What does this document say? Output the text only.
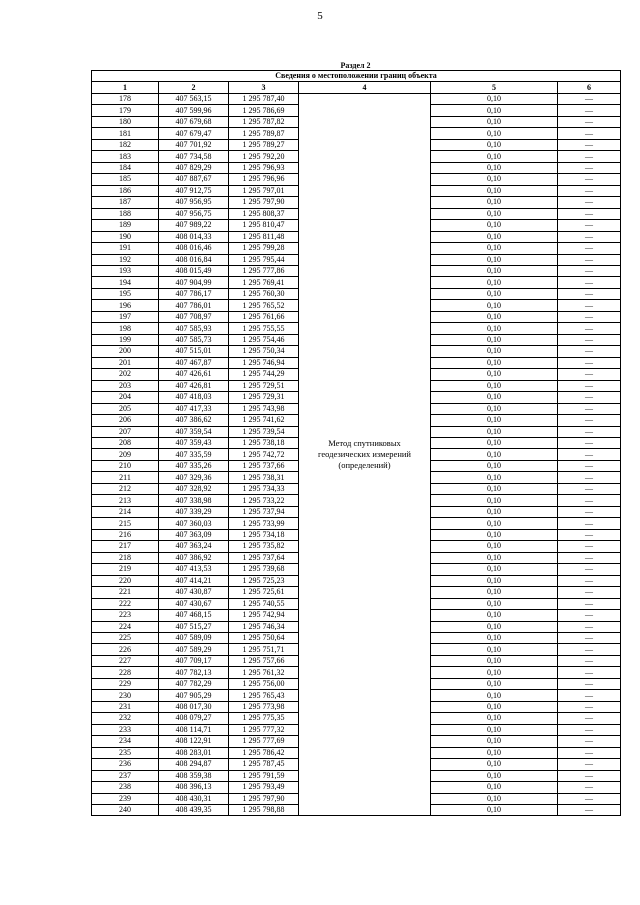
5
Раздел 2
Сведения о местоположении границ объекта					
1	2	3	4	5	6
178	407 563,15	1 295 787,40	Метод спутниковых геодезических измерений (определений)	0,10	—
179	407 599,96	1 295 786,69		0,10	—
180	407 679,68	1 295 787,82		0,10	—
181	407 679,47	1 295 789,87		0,10	—
182	407 701,92	1 295 789,27		0,10	—
183	407 734,58	1 295 792,20		0,10	—
184	407 829,29	1 295 796,93		0,10	—
185	407 887,67	1 295 796,96		0,10	—
186	407 912,75	1 295 797,01		0,10	—
187	407 956,95	1 295 797,90		0,10	—
188	407 956,75	1 295 808,37		0,10	—
189	407 989,22	1 295 810,47		0,10	—
190	408 014,33	1 295 811,48		0,10	—
191	408 016,46	1 295 799,28		0,10	—
192	408 016,84	1 295 795,44		0,10	—
193	408 015,49	1 295 777,86		0,10	—
194	407 904,99	1 295 769,41		0,10	—
195	407 786,17	1 295 760,30		0,10	—
196	407 786,01	1 295 765,52		0,10	—
197	407 708,97	1 295 761,66		0,10	—
198	407 585,93	1 295 755,55		0,10	—
199	407 585,73	1 295 754,46		0,10	—
200	407 515,01	1 295 750,34		0,10	—
201	407 467,87	1 295 746,94		0,10	—
202	407 426,61	1 295 744,29		0,10	—
203	407 426,81	1 295 729,51		0,10	—
204	407 418,03	1 295 729,31		0,10	—
205	407 417,33	1 295 743,98		0,10	—
206	407 386,62	1 295 741,62		0,10	—
207	407 359,54	1 295 739,54		0,10	—
208	407 359,43	1 295 738,18		0,10	—
209	407 335,59	1 295 742,72		0,10	—
210	407 335,26	1 295 737,66		0,10	—
211	407 329,36	1 295 738,31		0,10	—
212	407 328,92	1 295 734,33		0,10	—
213	407 338,98	1 295 733,22		0,10	—
214	407 339,29	1 295 737,94		0,10	—
215	407 360,03	1 295 733,99		0,10	—
216	407 363,09	1 295 734,18		0,10	—
217	407 363,24	1 295 735,82		0,10	—
218	407 386,92	1 295 737,64		0,10	—
219	407 413,53	1 295 739,68		0,10	—
220	407 414,21	1 295 725,23		0,10	—
221	407 430,87	1 295 725,61		0,10	—
222	407 430,67	1 295 740,55		0,10	—
223	407 468,15	1 295 742,94		0,10	—
224	407 515,27	1 295 746,34		0,10	—
225	407 589,09	1 295 750,64		0,10	—
226	407 589,29	1 295 751,71		0,10	—
227	407 709,17	1 295 757,66		0,10	—
228	407 782,13	1 295 761,32		0,10	—
229	407 782,29	1 295 756,00		0,10	—
230	407 905,29	1 295 765,43		0,10	—
231	408 017,30	1 295 773,98		0,10	—
232	408 079,27	1 295 775,35		0,10	—
233	408 114,71	1 295 777,32		0,10	—
234	408 122,91	1 295 777,69		0,10	—
235	408 283,01	1 295 786,42		0,10	—
236	408 294,87	1 295 787,45		0,10	—
237	408 359,38	1 295 791,59		0,10	—
238	408 396,13	1 295 793,49		0,10	—
239	408 430,31	1 295 797,90		0,10	—
240	408 439,35	1 295 798,88		0,10	—
